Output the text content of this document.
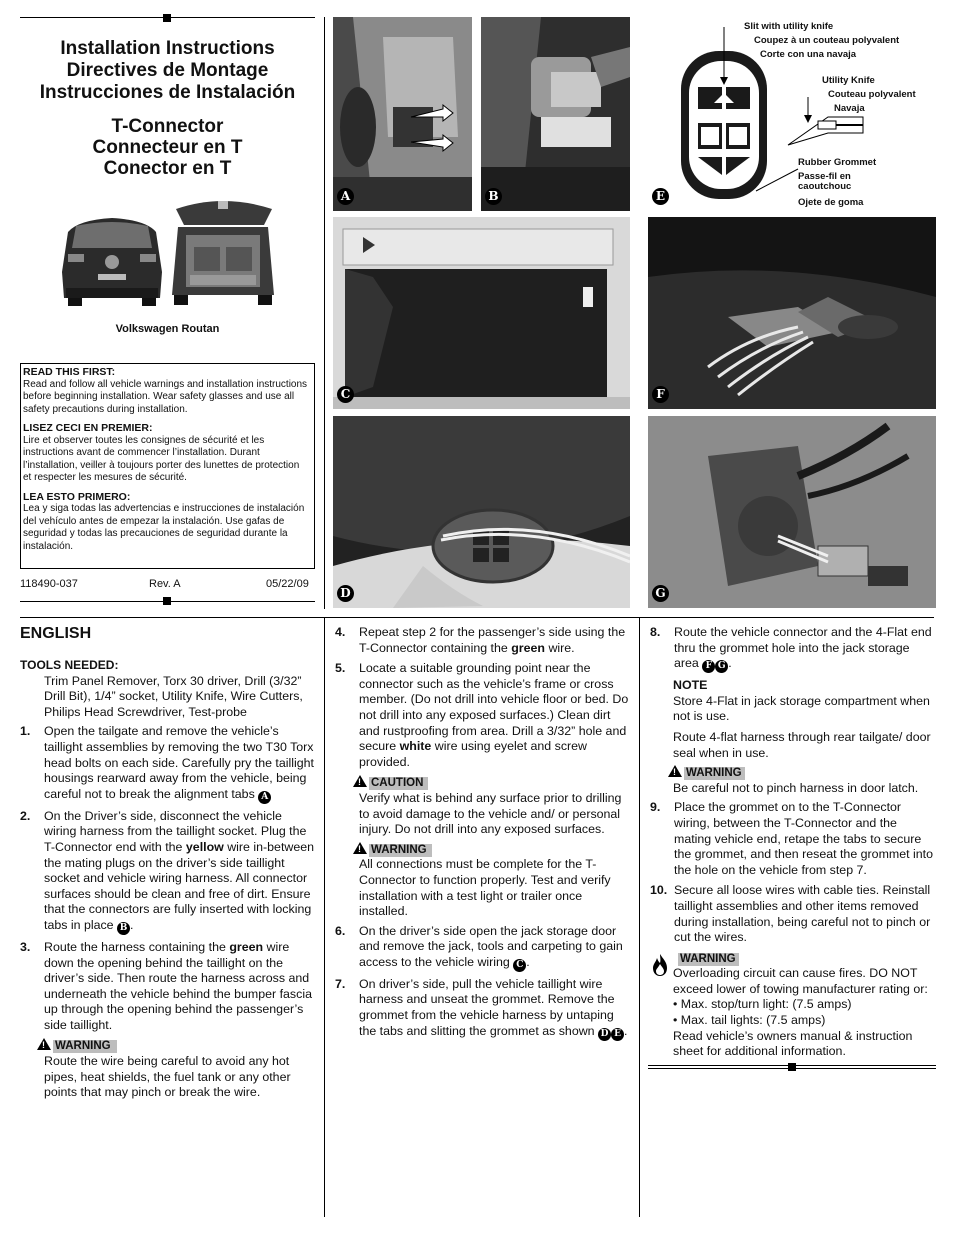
Installation Instructions
Directives de Montage
Instrucciones de Instalación
T-Connector
Connecteur en T
Conector en T
Volkswagen Routan
READ THIS FIRST:
Read and follow all vehicle warnings and installation instructions before beginning installation. Wear safety glasses and use all safety precautions during installation.
LISEZ CECI EN PREMIER:
Lire et observer toutes les consignes de sécurité et les instructions avant de commencer l’installation. Durant l’installation, veiller à toujours porter des lunettes de protection et respecter les mesures de sécurité.
LEA ESTO PRIMERO:
Lea y siga todas las advertencias e instrucciones de instalación del vehículo antes de empezar la instalación. Use gafas de seguridad y todas las precauciones de seguridad durante la instalación.
118490-037	Rev. A	05/22/09
A	B
Slit with utility knife
Coupez à un couteau polyvalent
Corte con una navaja
Utility Knife
Couteau polyvalent
Navaja
Rubber Grommet
Passe-fil en
caoutchouc
Ojete de goma
E
C	F
D	G
ENGLISH
TOOLS NEEDED:
Trim Panel Remover, Torx 30 driver, Drill (3/32” Drill Bit), 1/4” socket, Utility Knife, Wire Cutters, Philips Head Screwdriver, Test-probe
1. Open the tailgate and remove the vehicle’s taillight assemblies by removing the two T30 Torx head bolts on each side. Carefully pry the taillight housings rearward away from the vehicle, being careful not to break the alignment tabs A
2. On the Driver’s side, disconnect the vehicle wiring harness from the taillight socket. Plug the T-Connector end with the yellow wire in-between the mating plugs on the driver’s side taillight socket and vehicle wiring harness. All connector surfaces should be clean and free of dirt. Ensure that the connectors are fully inserted with locking tabs in place B .
3. Route the harness containing the green wire down the opening behind the taillight on the driver’s side. Then route the harness across and underneath the vehicle behind the bumper fascia up through the opening behind the passenger’s side taillight.
!WARNING
Route the wire being careful to avoid any hot pipes, heat shields, the fuel tank or any other points that may pinch or break the wire.
4. Repeat step 2 for the passenger’s side using the T-Connector containing the green wire.
5. Locate a suitable grounding point near the connector such as the vehicle’s frame or cross member. (Do not drill into vehicle floor or bed. Do not drill into any exposed surfaces.) Clean dirt and rustproofing from area. Drill a 3/32” hole and secure white wire using eyelet and screw provided.
!CAUTION
Verify what is behind any surface prior to drilling to avoid damage to the vehicle and/ or personal injury. Do not drill into any exposed surfaces.
!WARNING
All connections must be complete for the T-Connector to function properly. Test and verify installation with a test light or trailer once installed.
6. On the driver’s side open the jack storage door and remove the jack, tools and carpeting to gain access to the vehicle wiring C .
7. On driver’s side, pull the vehicle taillight wire harness and unseat the grommet. Remove the grommet from the vehicle harness by untaping the tabs and slitting the grommet as shown D E .
8. Route the vehicle connector and the 4-Flat end thru the grommet hole into the jack storage area F G .
NOTE
Store 4-Flat in jack storage compartment when not is use.
Route 4-flat harness through rear tailgate/ door seal when in use.
!WARNING
Be careful not to pinch harness in door latch.
9. Place the grommet on to the T-Connector wiring, between the T-Connector and the mating vehicle end, retape the tabs to secure the grommet, and then reseat the grommet into the hole on the vehicle from step 7.
10. Secure all loose wires with cable ties. Reinstall taillight assemblies and other items removed during installation, being careful not to pinch or cut the wires.
WARNING
Overloading circuit can cause fires. DO NOT exceed lower of towing manufacturer rating or:
• Max. stop/turn light: (7.5 amps)
• Max. tail lights: (7.5 amps)
Read vehicle’s owners manual & instruction sheet for additional information.
